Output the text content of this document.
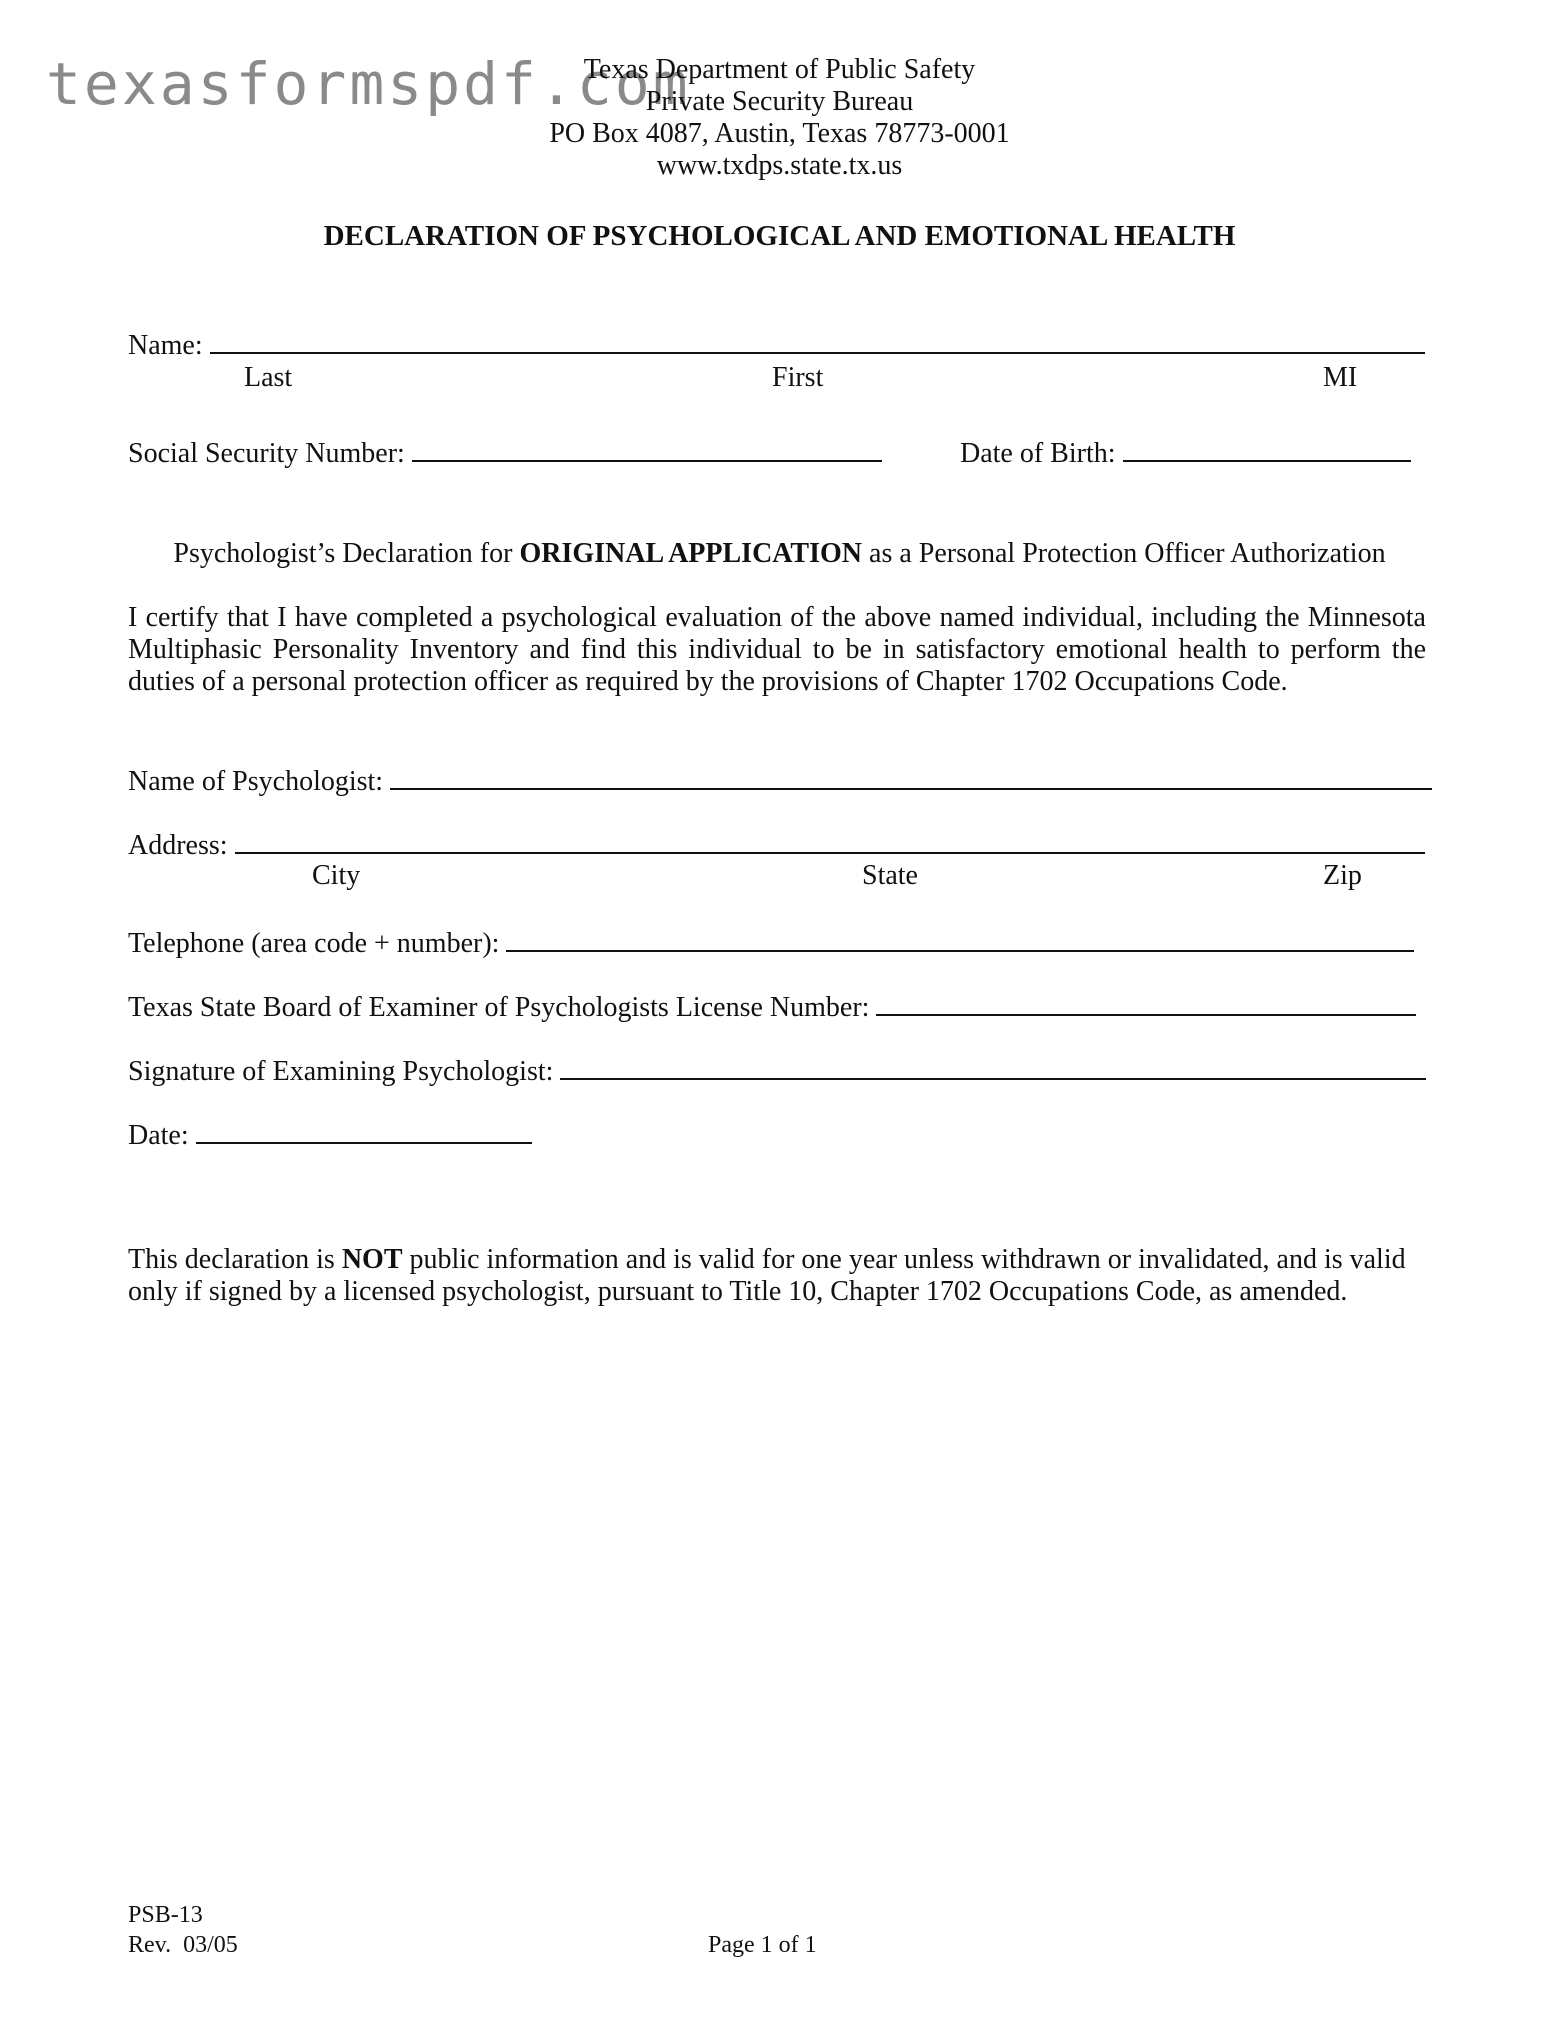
texasformspdf.com
Texas Department of Public Safety
Private Security Bureau
PO Box 4087, Austin, Texas 78773-0001
www.txdps.state.tx.us
DECLARATION OF PSYCHOLOGICAL AND EMOTIONAL HEALTH
Name:
Last	First	MI
Social Security Number:	Date of Birth:
Psychologist’s Declaration for ORIGINAL APPLICATION as a Personal Protection Officer Authorization
I certify that I have completed a psychological evaluation of the above named individual, including the Minnesota
Multiphasic Personality Inventory and find this individual to be in satisfactory emotional health to perform the
duties of a personal protection officer as required by the provisions of Chapter 1702 Occupations Code.
Name of Psychologist:
Address:
City	State	Zip
Telephone (area code + number):
Texas State Board of Examiner of Psychologists License Number:
Signature of Examining Psychologist:
Date:
This declaration is NOT public information and is valid for one year unless withdrawn or invalidated, and is valid
only if signed by a licensed psychologist, pursuant to Title 10, Chapter 1702 Occupations Code, as amended.
PSB-13
Rev.  03/05	Page 1 of 1
